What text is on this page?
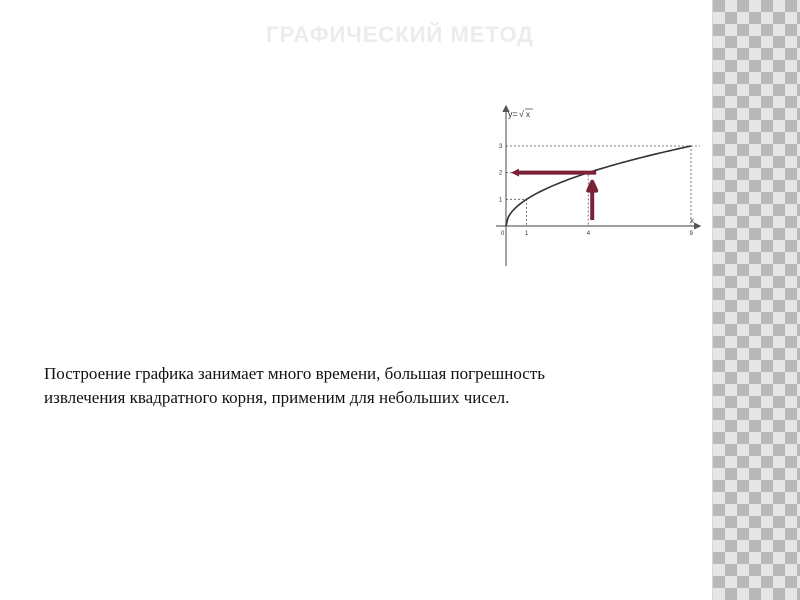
ГРАФИЧЕСКИЙ МЕТОД
0	1	4	9
1
2
3
y= √ x
x

Построение графика занимает много времени, большая погрешность

извлечения квадратного корня, применим для небольших чисел.
